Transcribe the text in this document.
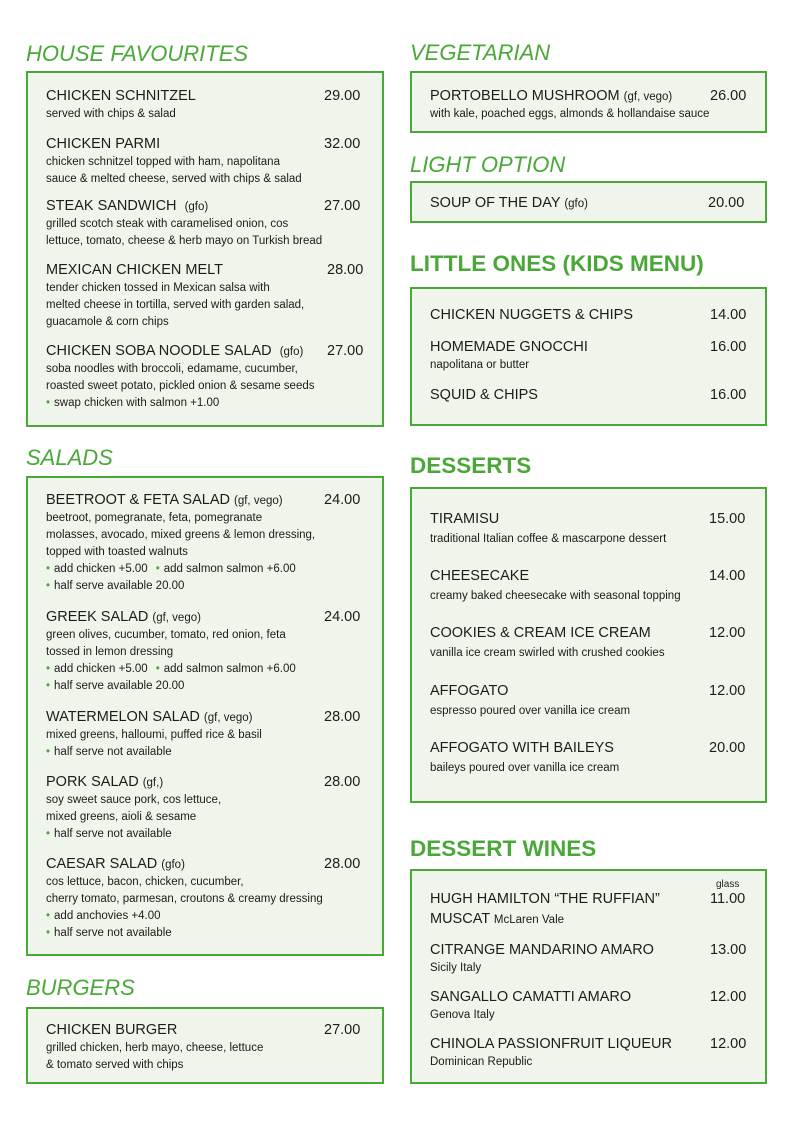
HOUSE FAVOURITES
CHICKEN SCHNITZEL	29.00
served with chips & salad
CHICKEN PARMI	32.00
chicken schnitzel topped with ham, napolitana
sauce & melted cheese, served with chips & salad
STEAK SANDWICH (gfo)	27.00
grilled scotch steak with caramelised onion, cos
lettuce, tomato, cheese & herb mayo on Turkish bread
MEXICAN CHICKEN MELT	28.00
tender chicken tossed in Mexican salsa with
melted cheese in tortilla, served with garden salad,
guacamole & corn chips
CHICKEN SOBA NOODLE SALAD (gfo) 27.00
soba noodles with broccoli, edamame, cucumber,
roasted sweet potato, pickled onion & sesame seeds
• swap chicken with salmon +1.00
SALADS
BEETROOT & FETA SALAD (gf, vego)	24.00
beetroot, pomegranate, feta, pomegranate
molasses, avocado, mixed greens & lemon dressing,
topped with toasted walnuts
• add chicken +5.00 • add salmon salmon +6.00
• half serve available 20.00
GREEK SALAD (gf, vego)	24.00
green olives, cucumber, tomato, red onion, feta
tossed in lemon dressing
• add chicken +5.00 • add salmon salmon +6.00
• half serve available 20.00
WATERMELON SALAD (gf, vego)	28.00
mixed greens, halloumi, puffed rice & basil
• half serve not available
PORK SALAD (gf,)	28.00
soy sweet sauce pork, cos lettuce,
mixed greens, aioli & sesame
• half serve not available
CAESAR SALAD (gfo)	28.00
cos lettuce, bacon, chicken, cucumber,
cherry tomato, parmesan, croutons & creamy dressing
• add anchovies +4.00
• half serve not available
BURGERS
CHICKEN BURGER	27.00
grilled chicken, herb mayo, cheese, lettuce
& tomato served with chips
VEGETARIAN
PORTOBELLO MUSHROOM (gf, vego)	26.00
with kale, poached eggs, almonds & hollandaise sauce
LIGHT OPTION
SOUP OF THE DAY (gfo)	20.00
LITTLE ONES (KIDS MENU)
CHICKEN NUGGETS & CHIPS	14.00
HOMEMADE GNOCCHI	16.00
napolitana or butter
SQUID & CHIPS	16.00
DESSERTS
TIRAMISU	15.00
traditional Italian coffee & mascarpone dessert
CHEESECAKE	14.00
creamy baked cheesecake with seasonal topping
COOKIES & CREAM ICE CREAM	12.00
vanilla ice cream swirled with crushed cookies
AFFOGATO	12.00
espresso poured over vanilla ice cream
AFFOGATO WITH BAILEYS	20.00
baileys poured over vanilla ice cream
DESSERT WINES
glass
HUGH HAMILTON “THE RUFFIAN”	11.00
MUSCAT McLaren Vale
CITRANGE MANDARINO AMARO	13.00
Sicily Italy
SANGALLO CAMATTI AMARO	12.00
Genova Italy
CHINOLA PASSIONFRUIT LIQUEUR	12.00
Dominican Republic
